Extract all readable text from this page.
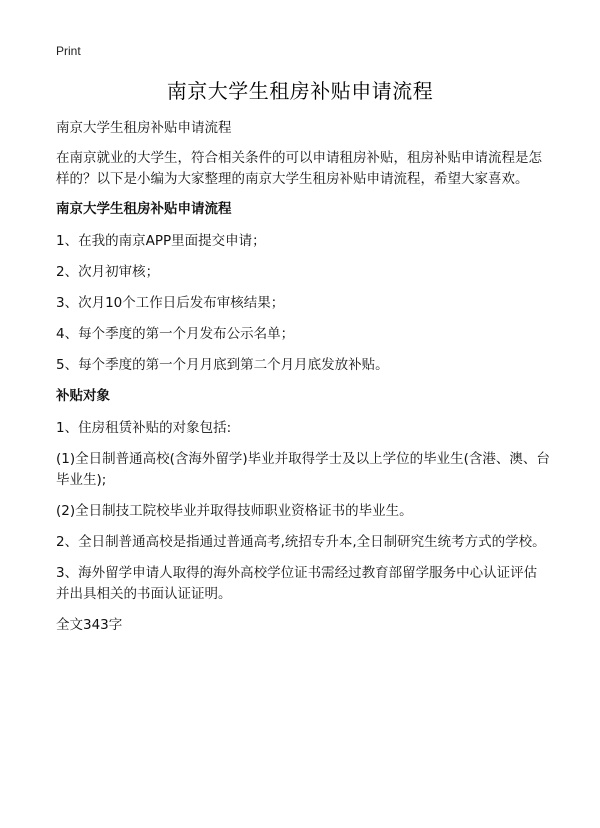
Print
南京大学生租房补贴申请流程

南京大学生租房补贴申请流程

在南京就业的大学生，符合相关条件的可以申请租房补贴，租房补贴申请流程是怎样的？以下是小编为大家整理的南京大学生租房补贴申请流程，希望大家喜欢。

南京大学生租房补贴申请流程

1、在我的南京APP里面提交申请；

2、次月初审核；

3、次月10个工作日后发布审核结果；

4、每个季度的第一个月发布公示名单；

5、每个季度的第一个月月底到第二个月月底发放补贴。

补贴对象

1、住房租赁补贴的对象包括:

(1)全日制普通高校(含海外留学)毕业并取得学士及以上学位的毕业生(含港、澳、台毕业生);

(2)全日制技工院校毕业并取得技师职业资格证书的毕业生。

2、全日制普通高校是指通过普通高考,统招专升本,全日制研究生统考方式的学校。

3、海外留学申请人取得的海外高校学位证书需经过教育部留学服务中心认证评估并出具相关的书面认证证明。

全文343字
